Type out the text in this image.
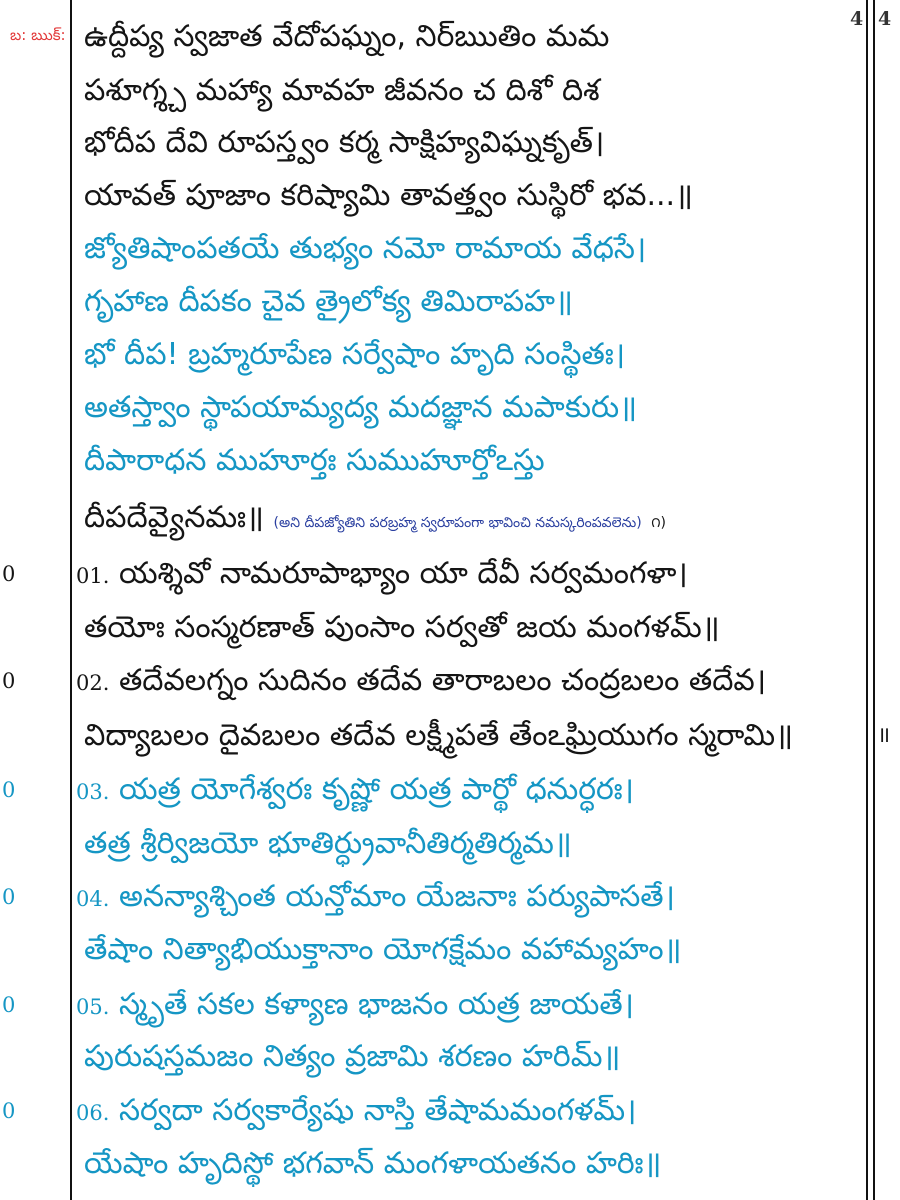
4 4
బ: ఋక్: ఉద్దీప్య స్వజాత వేదోపఘ్నం, నిర్ఋతిం మమ
పశూగ్శ్చ మహ్యా మావహ జీవనం చ దిశో దిశ
భోదీప దేవి రూపస్త్వం కర్మ సాక్షిహ్యవిఘ్నకృత్।
యావత్ పూజాం కరిష్యామి తావత్త్వం సుస్థిరో భవ...॥
జ్యోతిషాంపతయే తుభ్యం నమో రామాయ వేధసే।
గృహాణ దీపకం చైవ త్రైలోక్య తిమిరాపహ॥
భో దీప! బ్రహ్మరూపేణ సర్వేషాం హృది సంస్థితః।
అతస్త్వాం స్థాపయామ్యద్య మదజ్ఞాన మపాకురు॥
దీపారాధన ముహూర్తః సుముహూర్తోఽస్తు
దీపదేవ్యైనమః॥ (అని దీపజ్యోతిని పరబ్రహ్మ స్వరూపంగా భావించి నమస్కరింపవలెను) ౧)
0	01. యశ్శివో నామరూపాభ్యాం యా దేవీ సర్వమంగళా।
తయోః సంస్మరణాత్ పుంసాం సర్వతో జయ మంగళమ్॥
0	02. తదేవలగ్నం సుదినం తదేవ తారాబలం చంద్రబలం తదేవ।
విద్యాబలం దైవబలం తదేవ లక్ష్మీపతే తేంఽఘ్రియుగం స్మరామి॥	॥
0	03. యత్ర యోగేశ్వరః కృష్ణో యత్ర పార్థో ధనుర్ధరః।
తత్ర శ్రీర్విజయో భూతిర్ధ్రువానీతిర్మతిర్మమ॥
0	04. అనన్యాశ్చింత యన్తోమాం యేజనాః పర్యుపాసతే।
తేషాం నిత్యాభియుక్తానాం యోగక్షేమం వహామ్యహం॥
0	05. స్మృతే సకల కళ్యాణ భాజనం యత్ర జాయతే।
పురుషస్తమజం నిత్యం వ్రజామి శరణం హరిమ్॥
0	06. సర్వదా సర్వకార్యేషు నాస్తి తేషామమంగళమ్।
యేషాం హృదిస్థో భగవాన్ మంగళాయతనం హరిః॥
